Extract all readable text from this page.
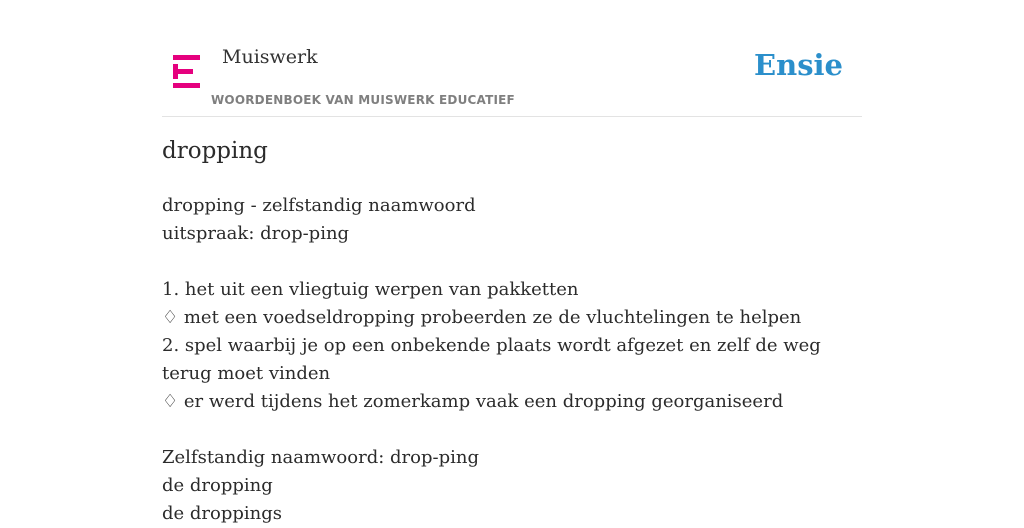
Muiswerk
WOORDENBOEK VAN MUISWERK EDUCATIEF
Ensie
dropping
dropping - zelfstandig naamwoord
uitspraak: drop-ping
1. het uit een vliegtuig werpen van pakketten
♢ met een voedseldropping probeerden ze de vluchtelingen te helpen
2. spel waarbij je op een onbekende plaats wordt afgezet en zelf de weg terug moet vinden
♢ er werd tijdens het zomerkamp vaak een dropping georganiseerd
Zelfstandig naamwoord: drop-ping
de dropping
de droppings
